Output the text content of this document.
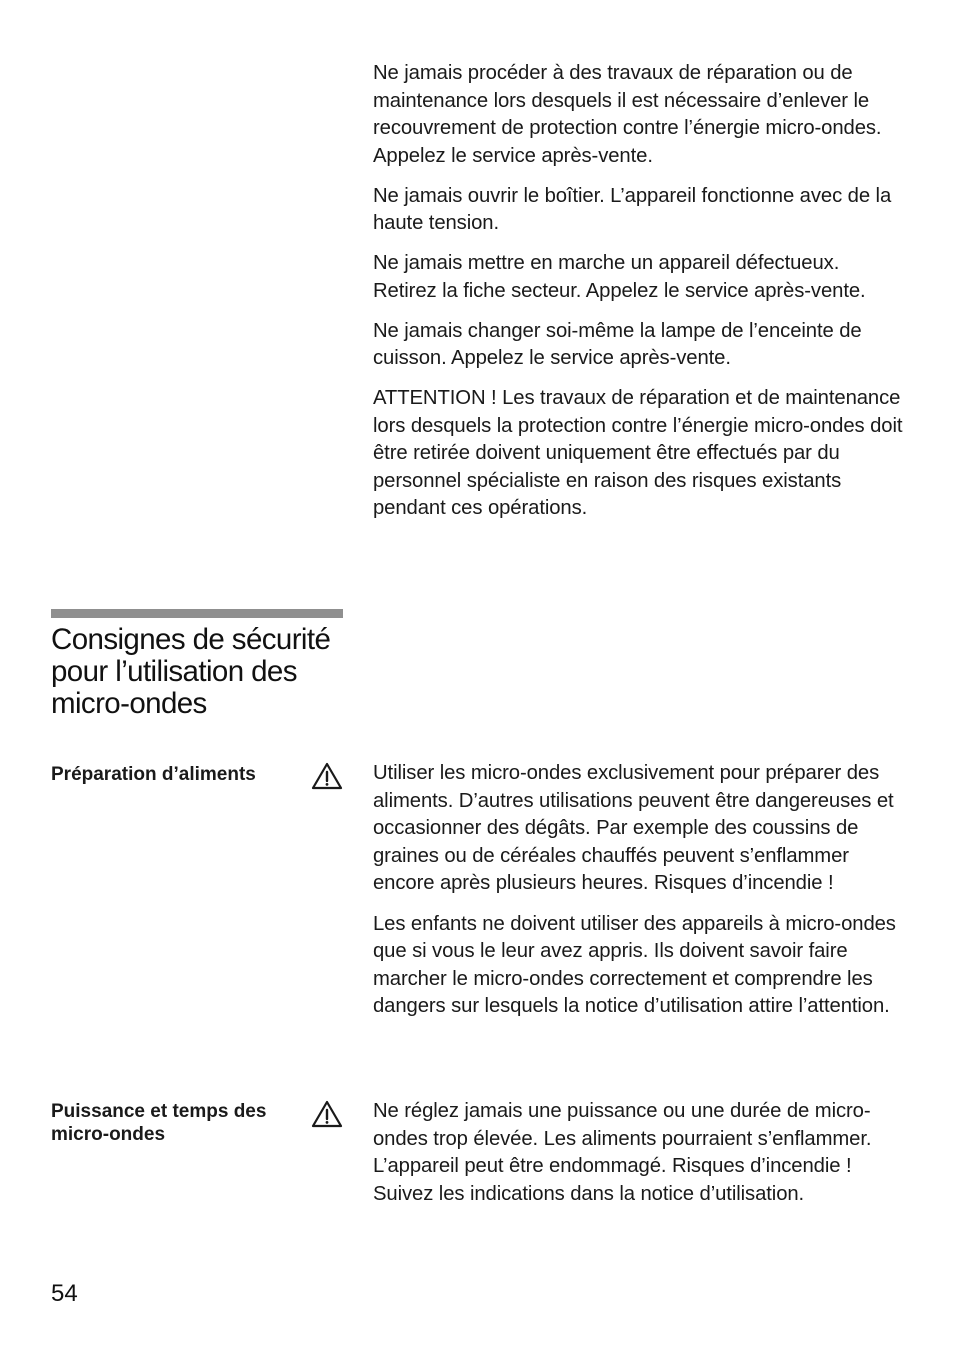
Ne jamais procéder à des travaux de réparation ou de maintenance lors desquels il est nécessaire d’enlever le recouvrement de protection contre l’énergie micro-ondes. Appelez le service après-vente.

Ne jamais ouvrir le boîtier. L’appareil fonctionne avec de la haute tension.

Ne jamais mettre en marche un appareil défectueux. Retirez la fiche secteur. Appelez le service après-vente.

Ne jamais changer soi-même la lampe de l’enceinte de cuisson. Appelez le service après-vente.

ATTENTION ! Les travaux de réparation et de maintenance lors desquels la protection contre l’énergie micro-ondes doit être retirée doivent uniquement être effectués par du personnel spécialiste en raison des risques existants pendant ces opérations.

Consignes de sécurité pour l’utilisation des micro-ondes
Préparation d’aliments	Utiliser les micro-ondes exclusivement pour préparer des aliments. D’autres utilisations peuvent être dangereuses et occasionner des dégâts. Par exemple des coussins de graines ou de céréales chauffés peuvent s’enflammer encore après plusieurs heures. Risques d’incendie !

Les enfants ne doivent utiliser des appareils à micro-ondes que si vous le leur avez appris. Ils doivent savoir faire marcher le micro-ondes correctement et comprendre les dangers sur lesquels la notice d’utilisation attire l’attention.

Puissance et temps des micro-ondes

Ne réglez jamais une puissance ou une durée de micro-ondes trop élevée. Les aliments pourraient s’enflammer. L’appareil peut être endommagé. Risques d’incendie !

Suivez les indications dans la notice d’utilisation.

54
